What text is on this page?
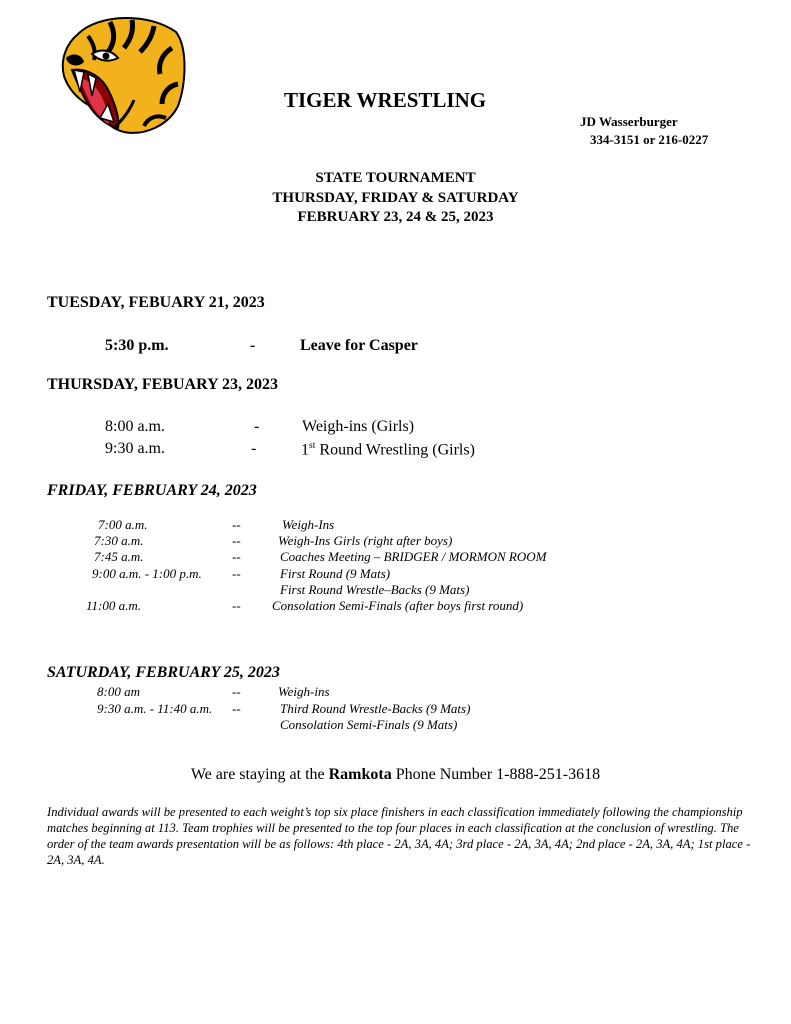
TIGER WRESTLING
JD Wasserburger
334-3151 or 216-0227
STATE TOURNAMENT
THURSDAY, FRIDAY & SATURDAY
FEBRUARY 23, 24 & 25, 2023
TUESDAY, FEBUARY 21, 2023
5:30 p.m.	-	Leave for Casper
THURSDAY, FEBUARY 23, 2023
8:00 a.m.	-	Weigh-ins (Girls)
9:30 a.m.	-	1st Round Wrestling (Girls)
FRIDAY, FEBRUARY 24, 2023
7:00 a.m.	--	Weigh-Ins
7:30 a.m.	--	Weigh-Ins Girls (right after boys)
7:45 a.m.	--	Coaches Meeting – BRIDGER / MORMON ROOM
9:00 a.m. - 1:00 p.m. --	First Round (9 Mats)
First Round Wrestle–Backs (9 Mats)
11:00 a.m.	-- Consolation Semi-Finals (after boys first round)
SATURDAY, FEBRUARY 25, 2023
8:00 am	--	Weigh-ins
9:30 a.m. - 11:40 a.m. --	Third Round Wrestle-Backs (9 Mats)
Consolation Semi-Finals (9 Mats)
We are staying at the Ramkota Phone Number 1-888-251-3618
Individual awards will be presented to each weight’s top six place finishers in each classification immediately following the championship matches beginning at 113. Team trophies will be presented to the top four places in each classification at the conclusion of wrestling. The order of the team awards presentation will be as follows: 4th place - 2A, 3A, 4A; 3rd place - 2A, 3A, 4A; 2nd place - 2A, 3A, 4A; 1st place - 2A, 3A, 4A.
